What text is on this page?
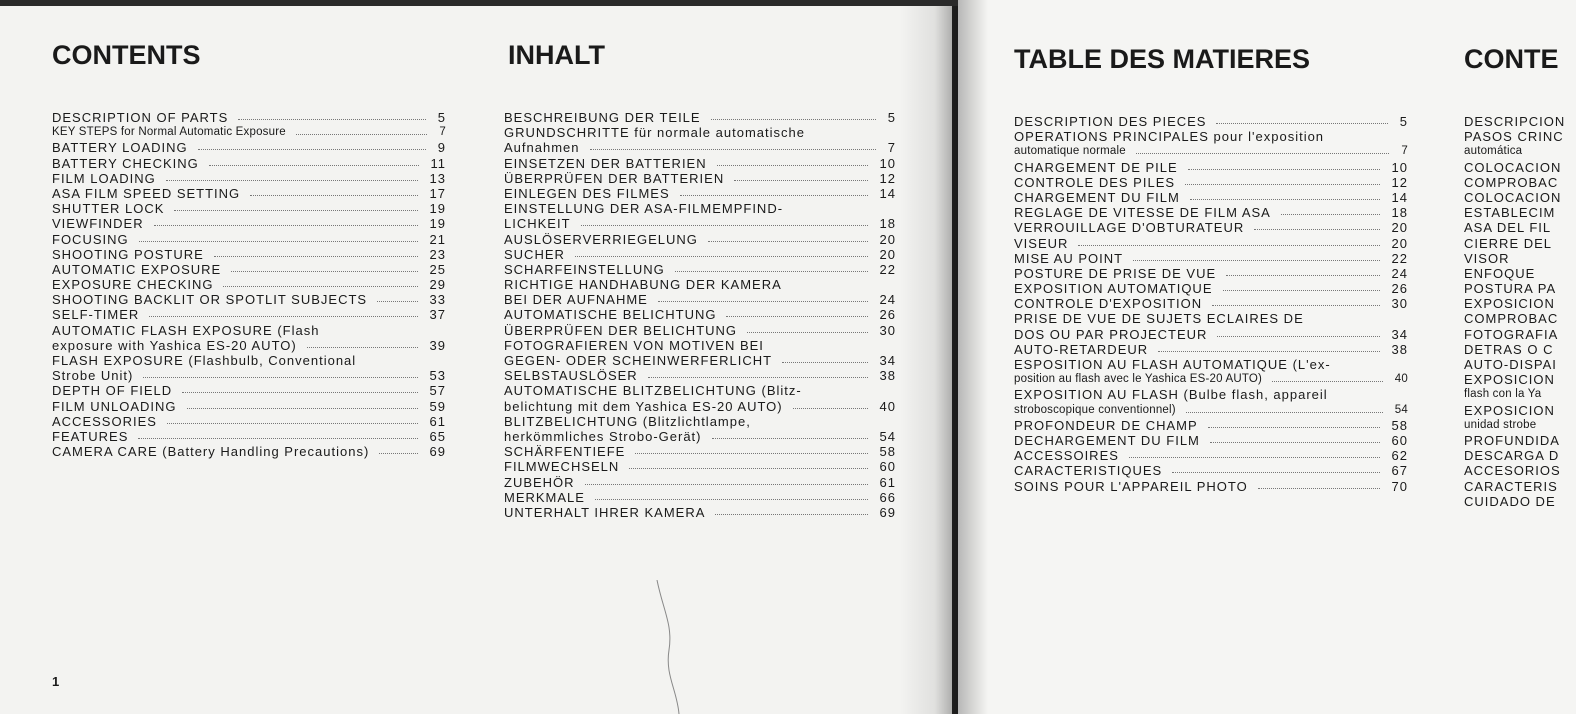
CONTENTS
DESCRIPTION OF PARTS	5
KEY STEPS for Normal Automatic Exposure	7
BATTERY LOADING	9
BATTERY CHECKING	11
FILM LOADING	13
ASA FILM SPEED SETTING	17
SHUTTER LOCK	19
VIEWFINDER	19
FOCUSING	21
SHOOTING POSTURE	23
AUTOMATIC EXPOSURE	25
EXPOSURE CHECKING	29
SHOOTING BACKLIT OR SPOTLIT SUBJECTS	33
SELF-TIMER	37
AUTOMATIC FLASH EXPOSURE (Flash
exposure with Yashica ES-20 AUTO)	39
FLASH EXPOSURE (Flashbulb, Conventional
Strobe Unit)	53
DEPTH OF FIELD	57
FILM UNLOADING	59
ACCESSORIES	61
FEATURES	65
CAMERA CARE (Battery Handling Precautions)	69
INHALT
BESCHREIBUNG DER TEILE	5
GRUNDSCHRITTE für normale automatische
Aufnahmen	7
EINSETZEN DER BATTERIEN	10
ÜBERPRÜFEN DER BATTERIEN	12
EINLEGEN DES FILMES	14
EINSTELLUNG DER ASA-FILMEMPFIND-
LICHKEIT	18
AUSLÖSERVERRIEGELUNG	20
SUCHER	20
SCHARFEINSTELLUNG	22
RICHTIGE HANDHABUNG DER KAMERA
BEI DER AUFNAHME	24
AUTOMATISCHE BELICHTUNG	26
ÜBERPRÜFEN DER BELICHTUNG	30
FOTOGRAFIEREN VON MOTIVEN BEI
GEGEN- ODER SCHEINWERFERLICHT	34
SELBSTAUSLÖSER	38
AUTOMATISCHE BLITZBELICHTUNG (Blitz-
belichtung mit dem Yashica ES-20 AUTO)	40
BLITZBELICHTUNG (Blitzlichtlampe,
herkömmliches Strobo-Gerät)	54
SCHÄRFENTIEFE	58
FILMWECHSELN	60
ZUBEHÖR	61
MERKMALE	66
UNTERHALT IHRER KAMERA	69
TABLE DES MATIERES
DESCRIPTION DES PIECES	5
OPERATIONS PRINCIPALES pour l'exposition
automatique normale	7
CHARGEMENT DE PILE	10
CONTROLE DES PILES	12
CHARGEMENT DU FILM	14
REGLAGE DE VITESSE DE FILM ASA	18
VERROUILLAGE D'OBTURATEUR	20
VISEUR	20
MISE AU POINT	22
POSTURE DE PRISE DE VUE	24
EXPOSITION AUTOMATIQUE	26
CONTROLE D'EXPOSITION	30
PRISE DE VUE DE SUJETS ECLAIRES DE
DOS OU PAR PROJECTEUR	34
AUTO-RETARDEUR	38
ESPOSITION AU FLASH AUTOMATIQUE (L'ex-
position au flash avec le Yashica ES-20 AUTO)	40
EXPOSITION AU FLASH (Bulbe flash, appareil
stroboscopique conventionnel)	54
PROFONDEUR DE CHAMP	58
DECHARGEMENT DU FILM	60
ACCESSOIRES	62
CARACTERISTIQUES	67
SOINS POUR L'APPAREIL PHOTO	70
CONTE
DESCRIPCION
PASOS CRINC
automática
COLOCACION
COMPROBAC
COLOCACION
ESTABLECIM
ASA DEL FIL
CIERRE DEL
VISOR
ENFOQUE
POSTURA PA
EXPOSICION
COMPROBAC
FOTOGRAFIA
DETRAS O C
AUTO-DISPAI
EXPOSICION
flash con la Ya
EXPOSICION
unidad strobe
PROFUNDIDA
DESCARGA D
ACCESORIOS
CARACTERIS
CUIDADO DE
1
